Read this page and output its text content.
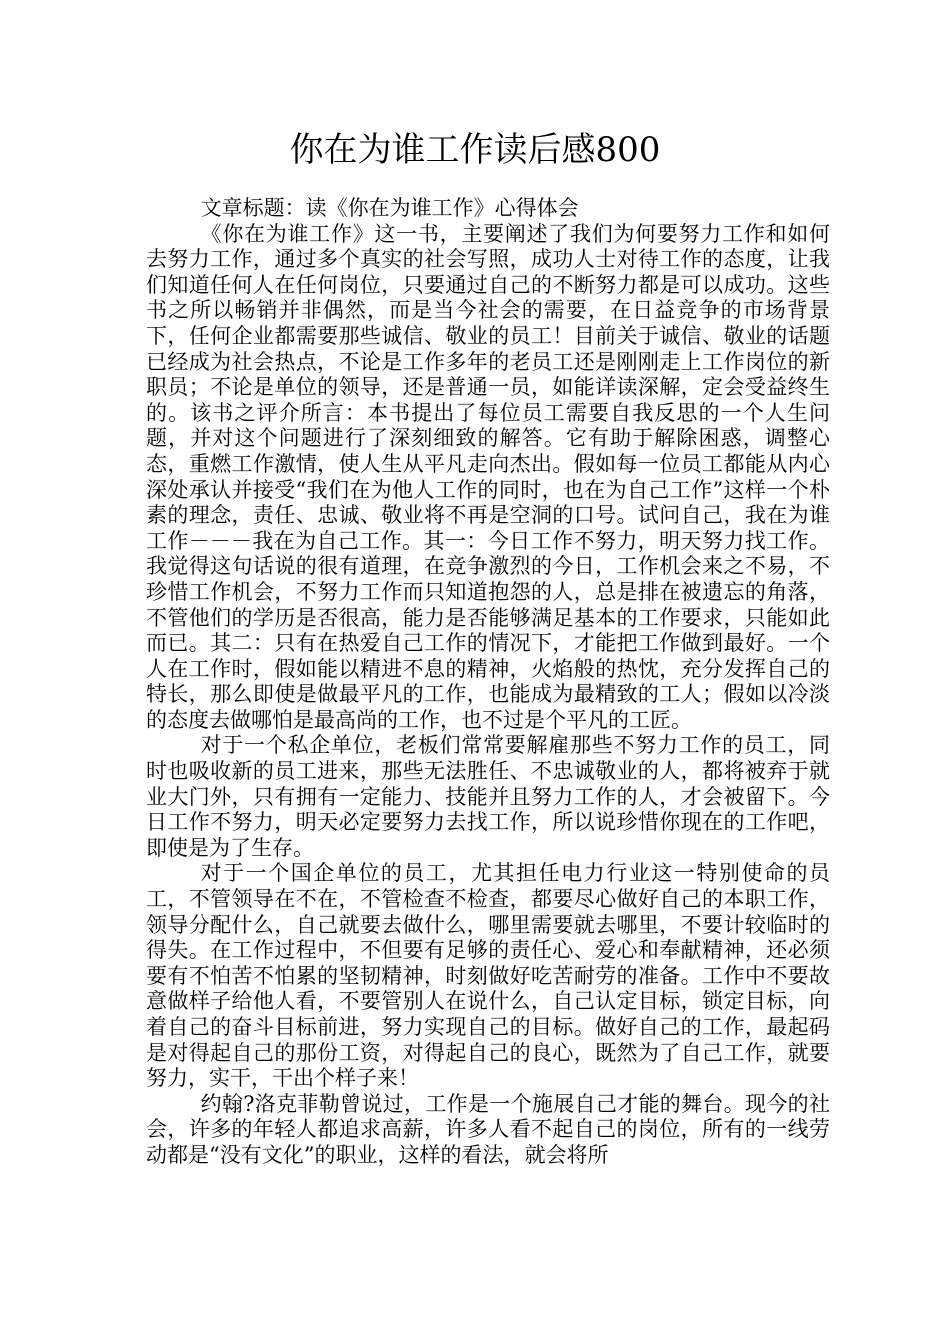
你在为谁工作读后感800

文章标题：读《你在为谁工作》心得体会

《你在为谁工作》这一书，主要阐述了我们为何要努力工作和如何去努力工作，通过多个真实的社会写照，成功人士对待工作的态度，让我们知道任何人在任何岗位，只要通过自己的不断努力都是可以成功。这些书之所以畅销并非偶然，而是当今社会的需要，在日益竞争的市场背景下，任何企业都需要那些诚信、敬业的员工！目前关于诚信、敬业的话题已经成为社会热点，不论是工作多年的老员工还是刚刚走上工作岗位的新职员；不论是单位的领导，还是普通一员，如能详读深解，定会受益终生的。该书之评介所言：本书提出了每位员工需要自我反思的一个人生问题，并对这个问题进行了深刻细致的解答。它有助于解除困惑，调整心态，重燃工作激情，使人生从平凡走向杰出。假如每一位员工都能从内心深处承认并接受“我们在为他人工作的同时，也在为自己工作”这样一个朴素的理念，责任、忠诚、敬业将不再是空洞的口号。试问自己，我在为谁工作－－－我在为自己工作。其一：今日工作不努力，明天努力找工作。我觉得这句话说的很有道理，在竞争激烈的今日，工作机会来之不易，不珍惜工作机会，不努力工作而只知道抱怨的人，总是排在被遗忘的角落，不管他们的学历是否很高，能力是否能够满足基本的工作要求，只能如此而已。其二：只有在热爱自己工作的情况下，才能把工作做到最好。一个人在工作时，假如能以精进不息的精神，火焰般的热忱，充分发挥自己的特长，那么即使是做最平凡的工作，也能成为最精致的工人；假如以冷淡的态度去做哪怕是最高尚的工作，也不过是个平凡的工匠。

对于一个私企单位，老板们常常要解雇那些不努力工作的员工，同时也吸收新的员工进来，那些无法胜任、不忠诚敬业的人，都将被弃于就业大门外，只有拥有一定能力、技能并且努力工作的人，才会被留下。今日工作不努力，明天必定要努力去找工作，所以说珍惜你现在的工作吧，即使是为了生存。

对于一个国企单位的员工，尤其担任电力行业这一特别使命的员工，不管领导在不在，不管检查不检查，都要尽心做好自己的本职工作，领导分配什么，自己就要去做什么，哪里需要就去哪里，不要计较临时的得失。在工作过程中，不但要有足够的责任心、爱心和奉献精神，还必须要有不怕苦不怕累的坚韧精神，时刻做好吃苦耐劳的准备。工作中不要故意做样子给他人看，不要管别人在说什么，自己认定目标，锁定目标，向着自己的奋斗目标前进，努力实现自己的目标。做好自己的工作，最起码是对得起自己的那份工资，对得起自己的良心，既然为了自己工作，就要努力，实干，干出个样子来！

约翰?洛克菲勒曾说过，工作是一个施展自己才能的舞台。现今的社会，许多的年轻人都追求高薪，许多人看不起自己的岗位，所有的一线劳动都是“没有文化”的职业，这样的看法，就会将所
